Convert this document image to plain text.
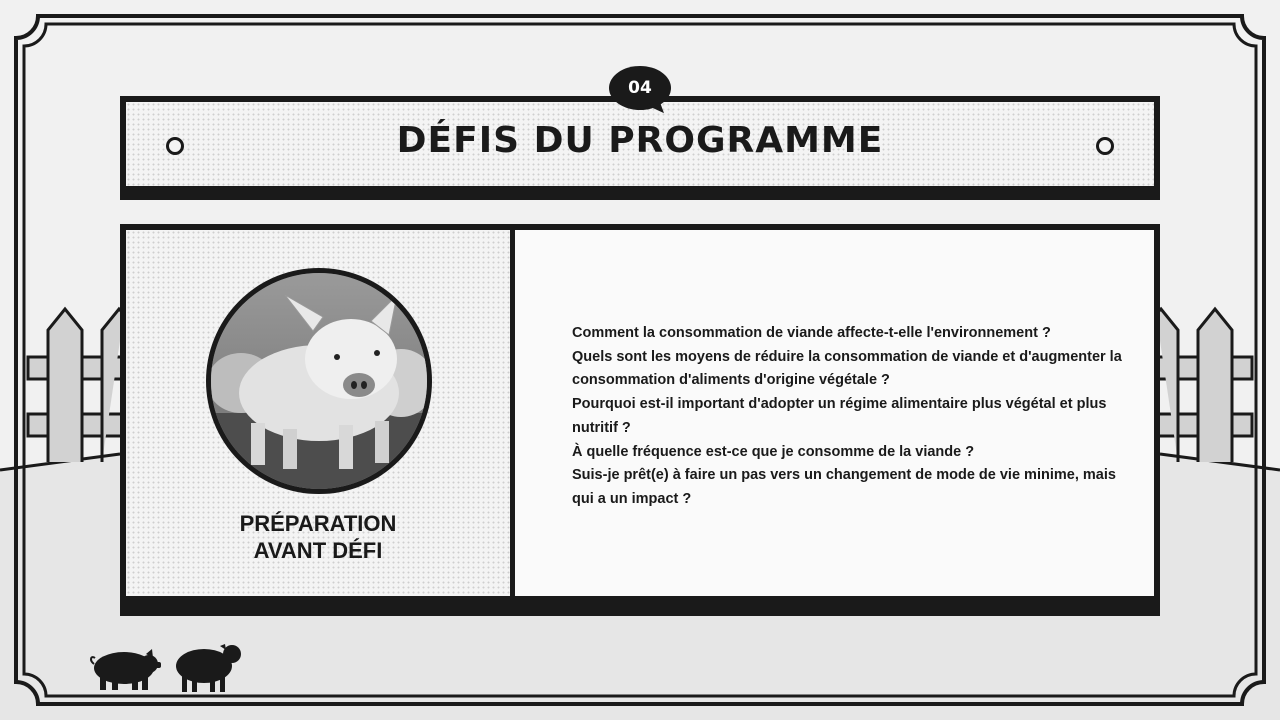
DÉFIS DU PROGRAMME
04
PRÉPARATION
AVANT DÉFI

Comment la consommation de viande affecte-t-elle l'environnement ?

Quels sont les moyens de réduire la consommation de viande et d'augmenter la consommation d'aliments d'origine végétale ?

Pourquoi est-il important d'adopter un régime alimentaire plus végétal et plus nutritif ?

À quelle fréquence est-ce que je consomme de la viande ?

Suis-je prêt(e) à faire un pas vers un changement de mode de vie minime, mais qui a un impact ?
